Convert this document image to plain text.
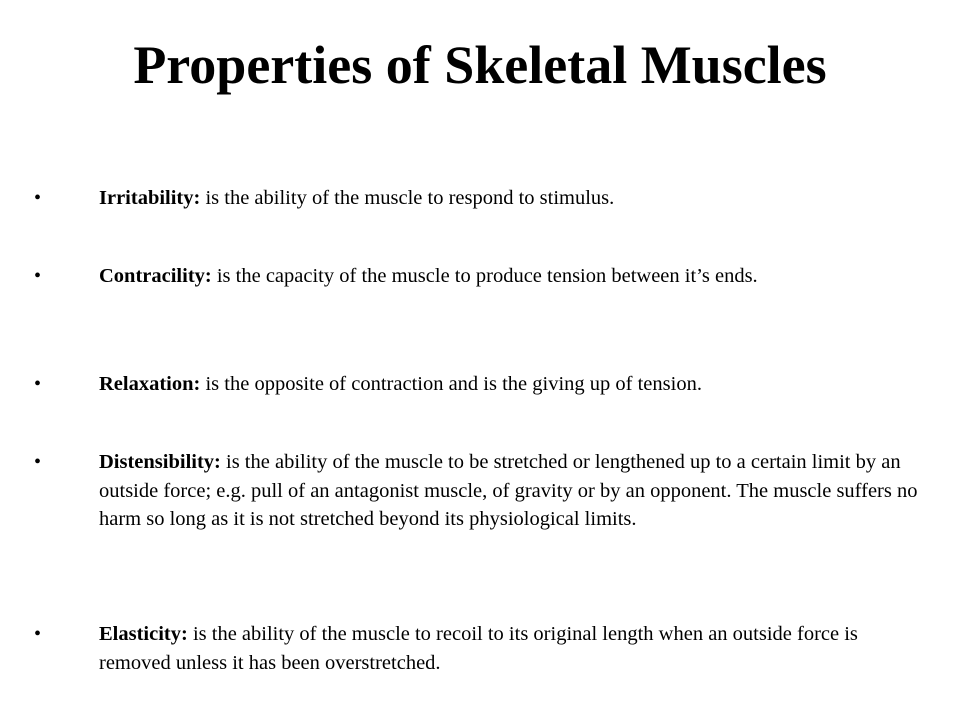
Properties of Skeletal Muscles
•	Irritability: is the ability of the muscle to respond to stimulus.
•	Contracility: is the capacity of the muscle to produce tension between it’s ends.
•	Relaxation: is the opposite of contraction and is the giving up of tension.
•	Distensibility: is the ability of the muscle to be stretched or lengthened up to a certain limit by an outside force; e.g. pull of an antagonist muscle, of gravity or by an opponent. The muscle suffers no harm so long as it is not stretched beyond its physiological limits.
•	Elasticity: is the ability of the muscle to recoil to its original length when an outside force is removed unless it has been overstretched.
